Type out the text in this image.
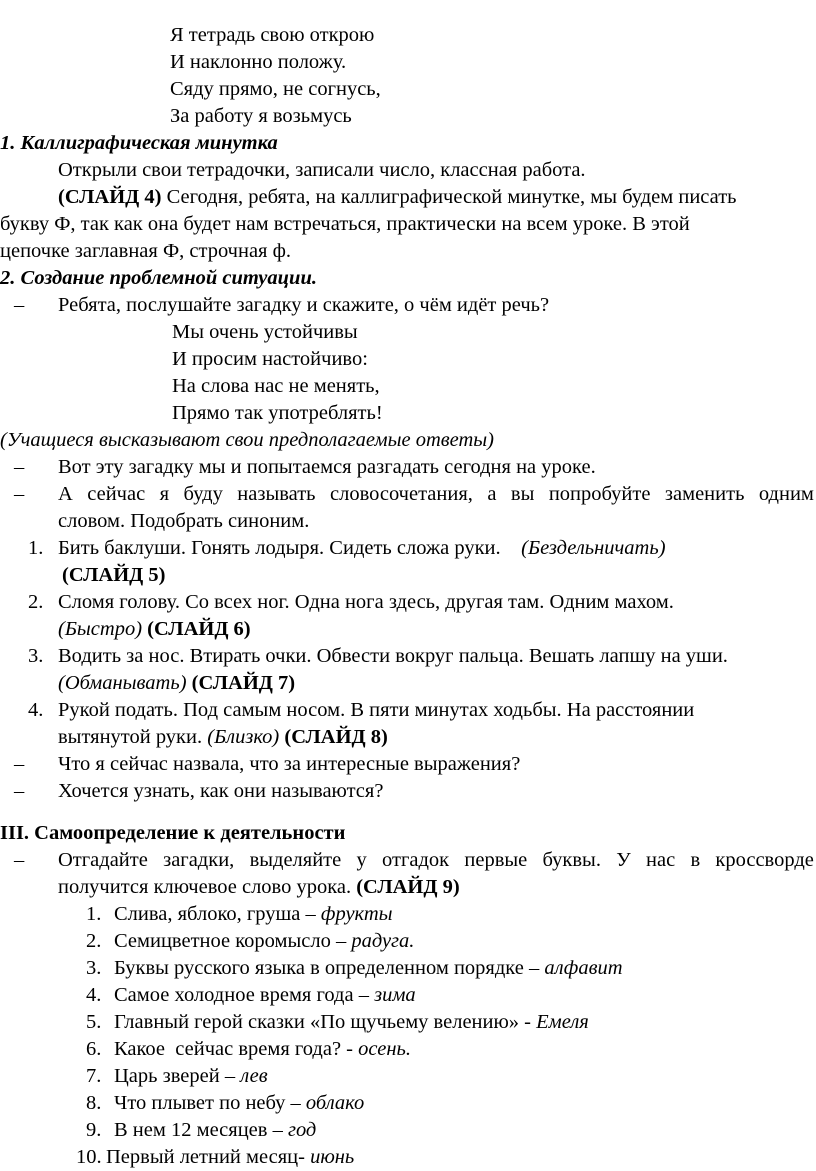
Я тетрадь свою открою
И наклонно положу.
Сяду прямо, не согнусь,
За работу я возьмусь
1. Каллиграфическая минутка
Открыли свои тетрадочки, записали число, классная работа.
(СЛАЙД 4) Сегодня, ребята, на каллиграфической минутке, мы будем писать
букву Ф, так как она будет нам встречаться, практически на всем уроке. В этой
цепочке заглавная Ф, строчная ф.
2. Создание проблемной ситуации.
– Ребята, послушайте загадку и скажите, о чём идёт речь?
Мы очень устойчивы
И просим настойчиво:
На слова нас не менять,
Прямо так употреблять!
(Учащиеся высказывают свои предполагаемые ответы)
– Вот эту загадку мы и попытаемся разгадать сегодня на уроке.
– А сейчас я буду называть словосочетания, а вы попробуйте заменить одним
словом. Подобрать синоним.
1. Бить баклуши. Гонять лодыря. Сидеть сложа руки. (Бездельничать)
(СЛАЙД 5)
2. Сломя голову. Со всех ног. Одна нога здесь, другая там. Одним махом.
(Быстро) (СЛАЙД 6)
3. Водить за нос. Втирать очки. Обвести вокруг пальца. Вешать лапшу на уши.
(Обманывать) (СЛАЙД 7)
4. Рукой подать. Под самым носом. В пяти минутах ходьбы. На расстоянии
вытянутой руки. (Близко) (СЛАЙД 8)
– Что я сейчас назвала, что за интересные выражения?
– Хочется узнать, как они называются?
III. Самоопределение к деятельности
– Отгадайте загадки, выделяйте у отгадок первые буквы. У нас в кроссворде
получится ключевое слово урока. (СЛАЙД 9)
1. Слива, яблоко, груша – фрукты
2. Семицветное коромысло – радуга.
3. Буквы русского языка в определенном порядке – алфавит
4. Самое холодное время года – зима
5. Главный герой сказки «По щучьему велению» - Емеля
6. Какое  сейчас время года? - осень.
7. Царь зверей – лев
8. Что плывет по небу – облако
9. В нем 12 месяцев – год
10. Первый летний месяц- июнь
